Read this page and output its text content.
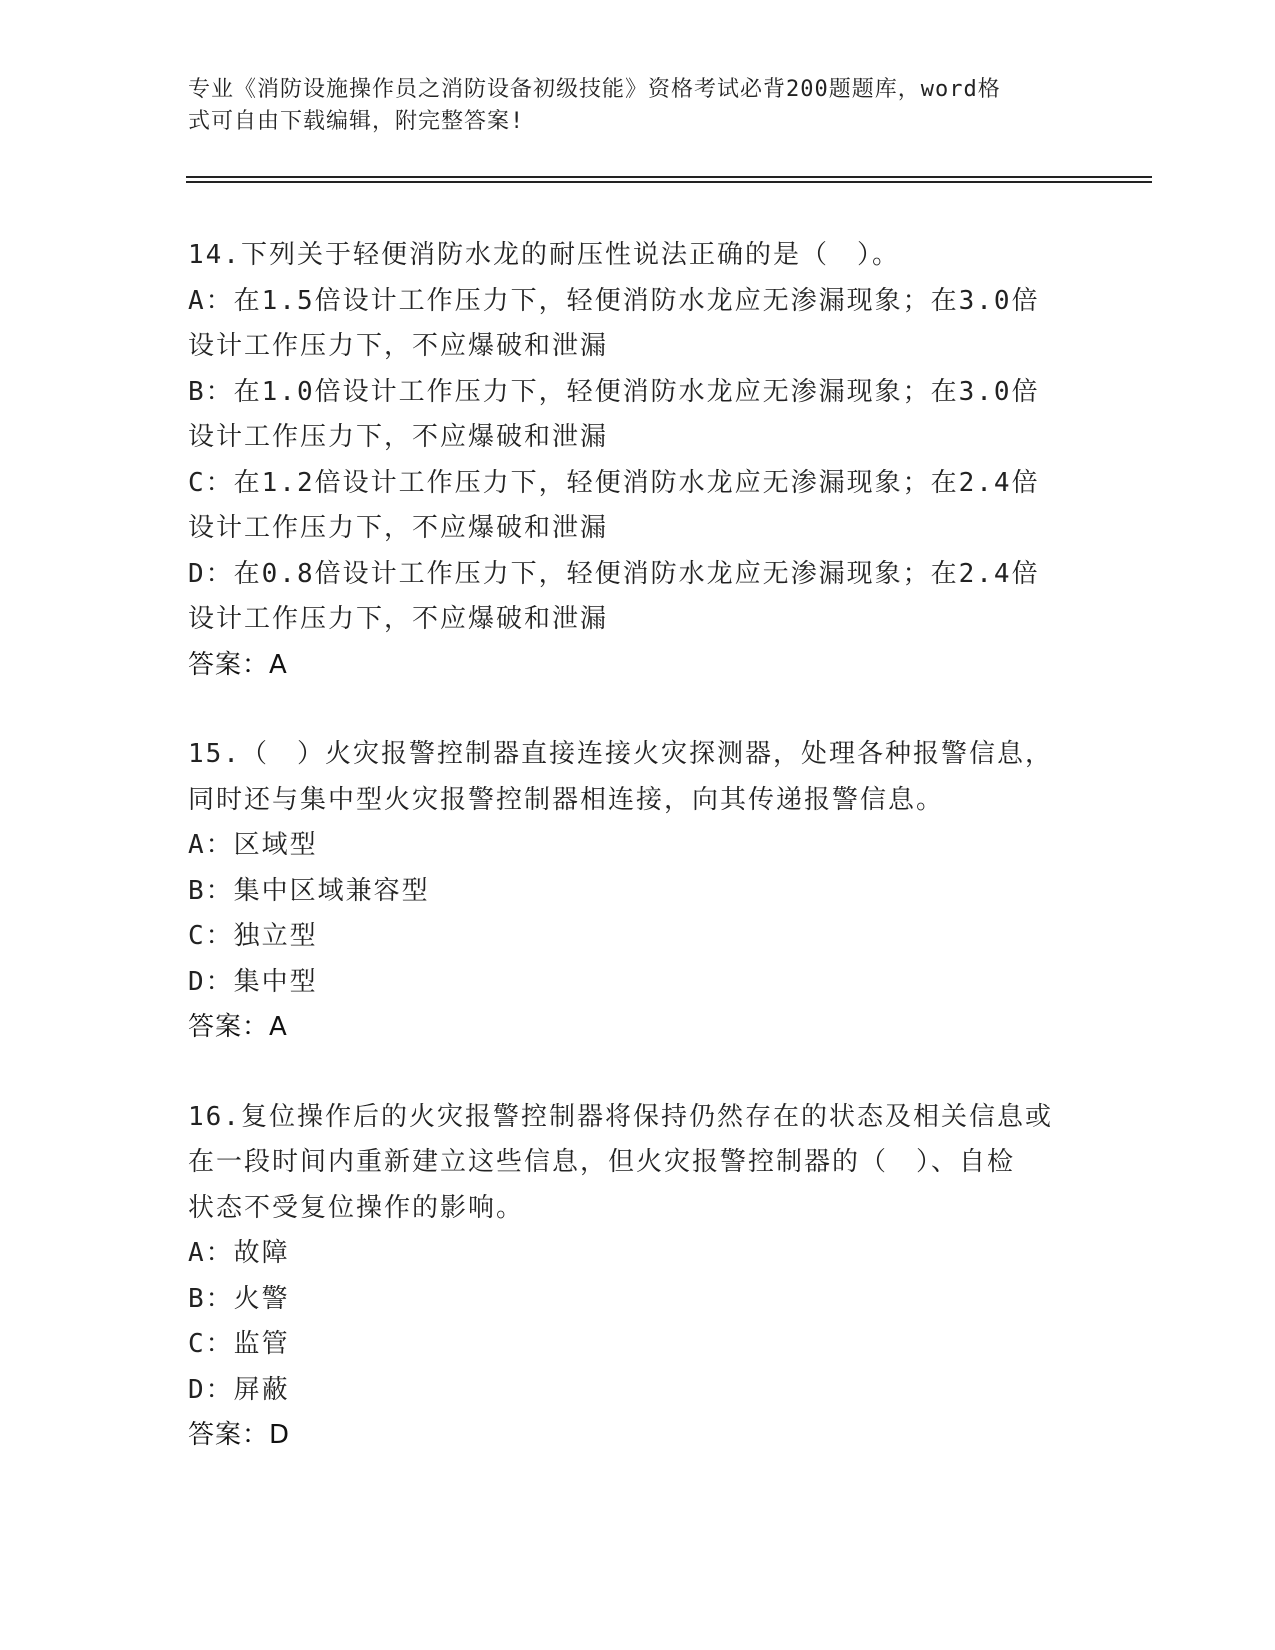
专业《消防设施操作员之消防设备初级技能》资格考试必背200题题库，word格
式可自由下载编辑，附完整答案!
14.下列关于轻便消防水龙的耐压性说法正确的是（　）。
A：在1.5倍设计工作压力下，轻便消防水龙应无渗漏现象；在3.0倍
设计工作压力下，不应爆破和泄漏
B：在1.0倍设计工作压力下，轻便消防水龙应无渗漏现象；在3.0倍
设计工作压力下，不应爆破和泄漏
C：在1.2倍设计工作压力下，轻便消防水龙应无渗漏现象；在2.4倍
设计工作压力下，不应爆破和泄漏
D：在0.8倍设计工作压力下，轻便消防水龙应无渗漏现象；在2.4倍
设计工作压力下，不应爆破和泄漏
答案：A
15.（　）火灾报警控制器直接连接火灾探测器，处理各种报警信息，
同时还与集中型火灾报警控制器相连接，向其传递报警信息。
A：区域型
B：集中区域兼容型
C：独立型
D：集中型
答案：A
16.复位操作后的火灾报警控制器将保持仍然存在的状态及相关信息或
在一段时间内重新建立这些信息，但火灾报警控制器的（　）、自检
状态不受复位操作的影响。
A：故障
B：火警
C：监管
D：屏蔽
答案：D
